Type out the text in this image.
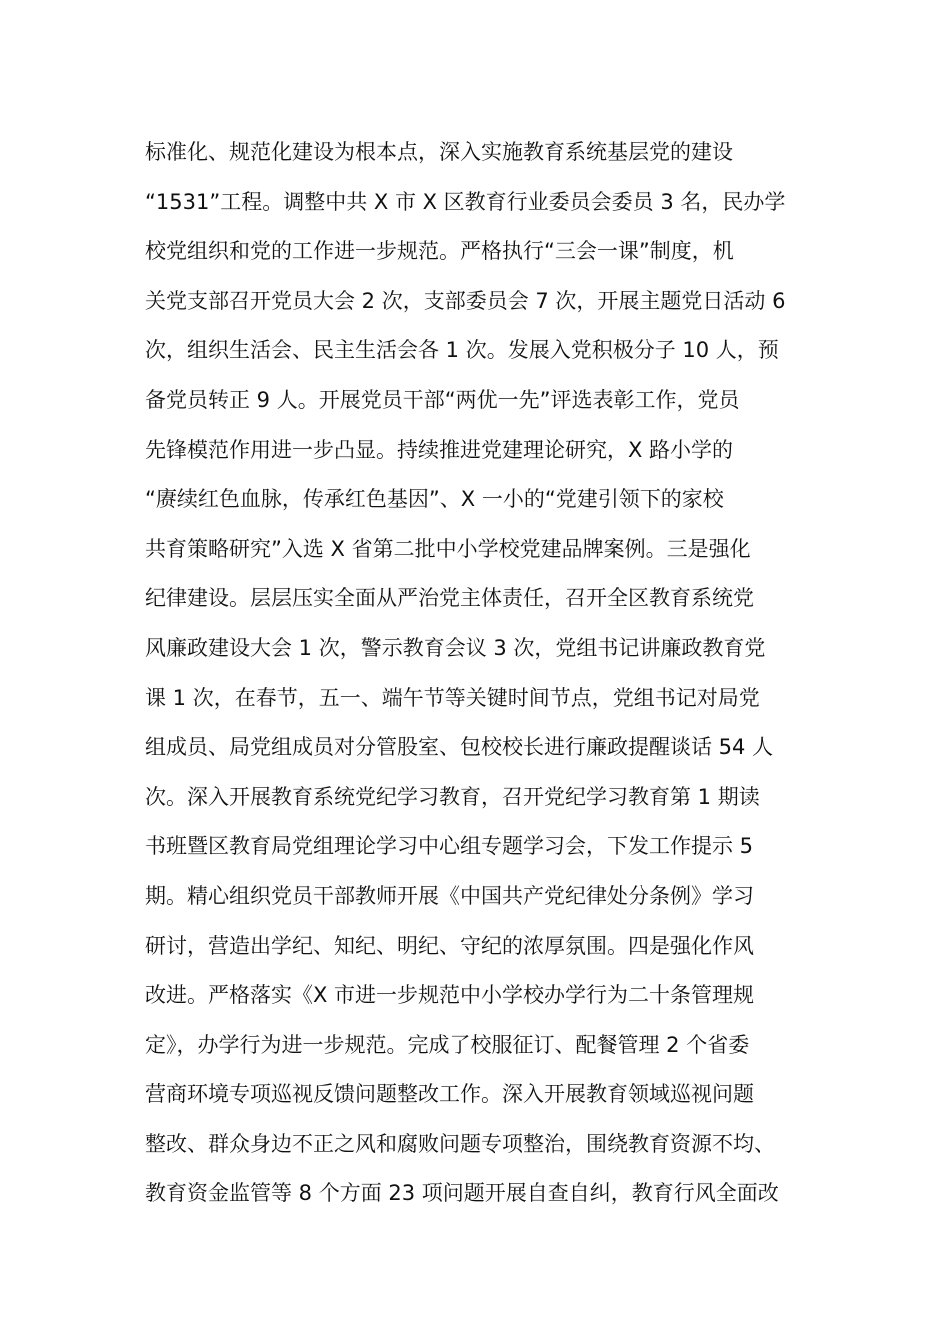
标准化、规范化建设为根本点，深入实施教育系统基层党的建设
“1531”工程。调整中共 X 市 X 区教育行业委员会委员 3 名，民办学
校党组织和党的工作进一步规范。严格执行“三会一课”制度，机
关党支部召开党员大会 2 次，支部委员会 7 次，开展主题党日活动 6
次，组织生活会、民主生活会各 1 次。发展入党积极分子 10 人，预
备党员转正 9 人。开展党员干部“两优一先”评选表彰工作，党员
先锋模范作用进一步凸显。持续推进党建理论研究，X 路小学的
“赓续红色血脉，传承红色基因”、X 一小的“党建引领下的家校
共育策略研究”入选 X 省第二批中小学校党建品牌案例。三是强化
纪律建设。层层压实全面从严治党主体责任，召开全区教育系统党
风廉政建设大会 1 次，警示教育会议 3 次，党组书记讲廉政教育党
课 1 次，在春节，五一、端午节等关键时间节点，党组书记对局党
组成员、局党组成员对分管股室、包校校长进行廉政提醒谈话 54 人
次。深入开展教育系统党纪学习教育，召开党纪学习教育第 1 期读
书班暨区教育局党组理论学习中心组专题学习会，下发工作提示 5
期。精心组织党员干部教师开展《中国共产党纪律处分条例》学习
研讨，营造出学纪、知纪、明纪、守纪的浓厚氛围。四是强化作风
改进。严格落实《X 市进一步规范中小学校办学行为二十条管理规
定》，办学行为进一步规范。完成了校服征订、配餐管理 2 个省委
营商环境专项巡视反馈问题整改工作。深入开展教育领域巡视问题
整改、群众身边不正之风和腐败问题专项整治，围绕教育资源不均、
教育资金监管等 8 个方面 23 项问题开展自查自纠，教育行风全面改
